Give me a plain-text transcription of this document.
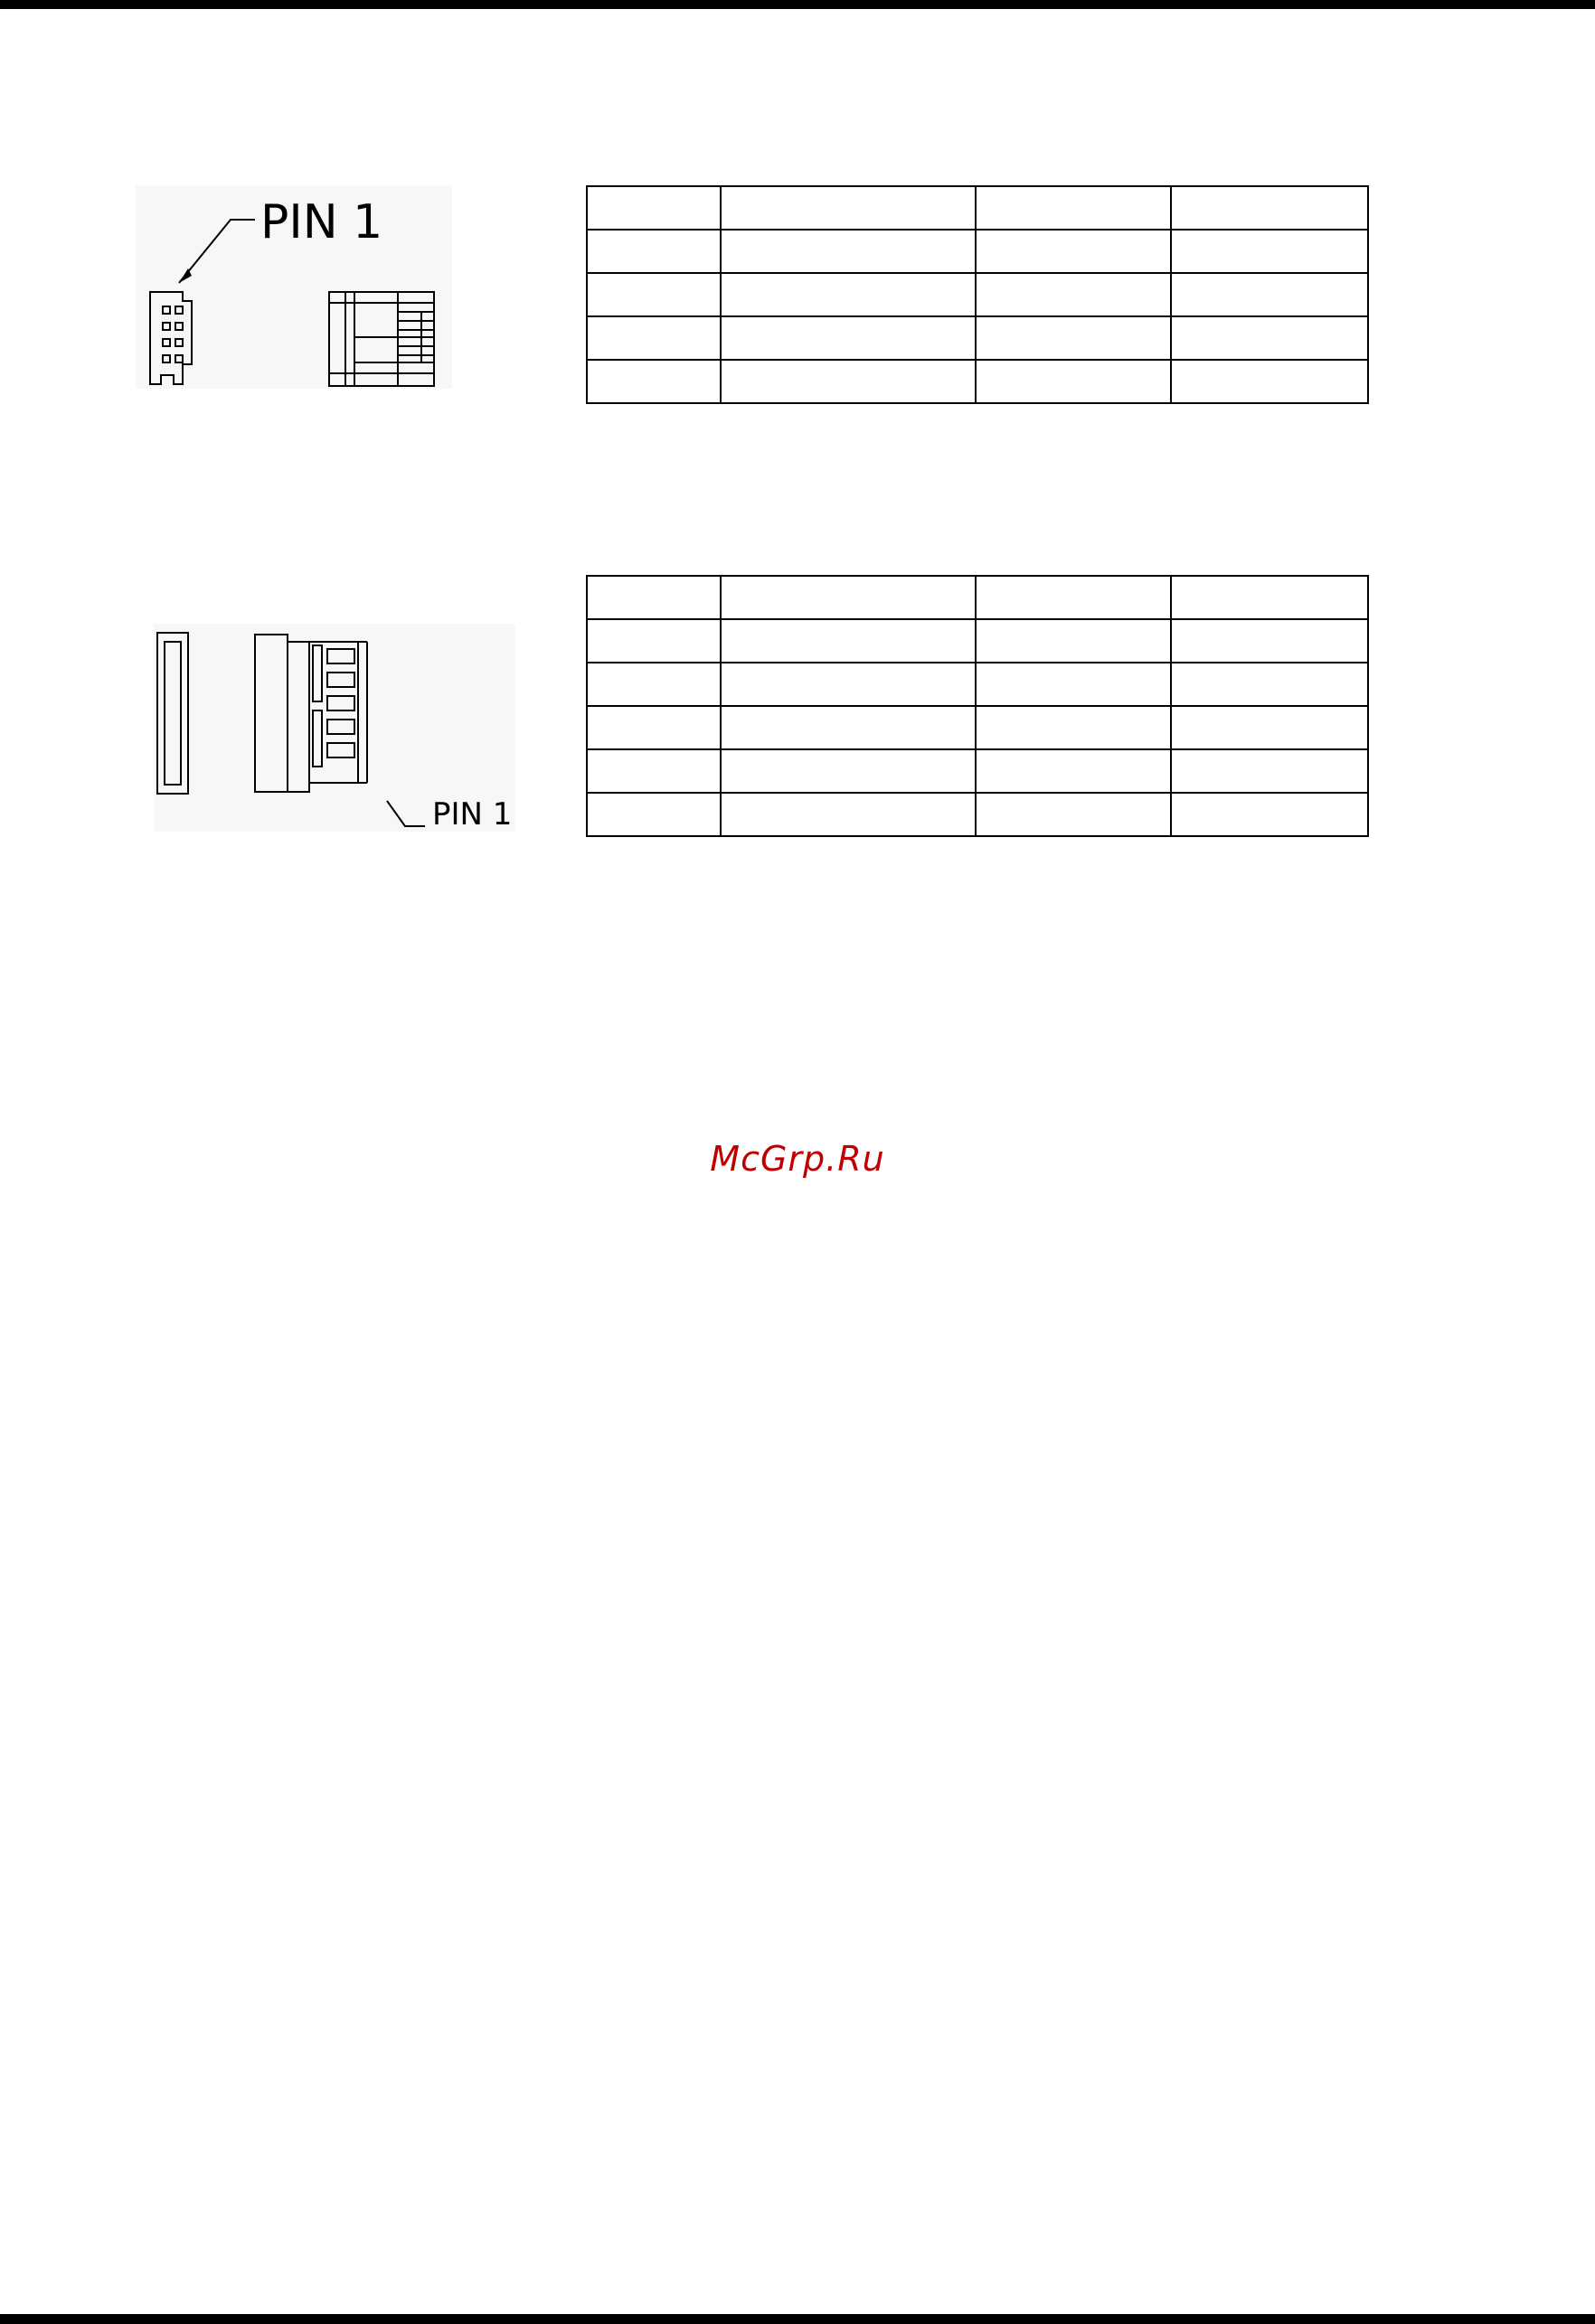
PIN 1

PIN 1

McGrp.Ru
